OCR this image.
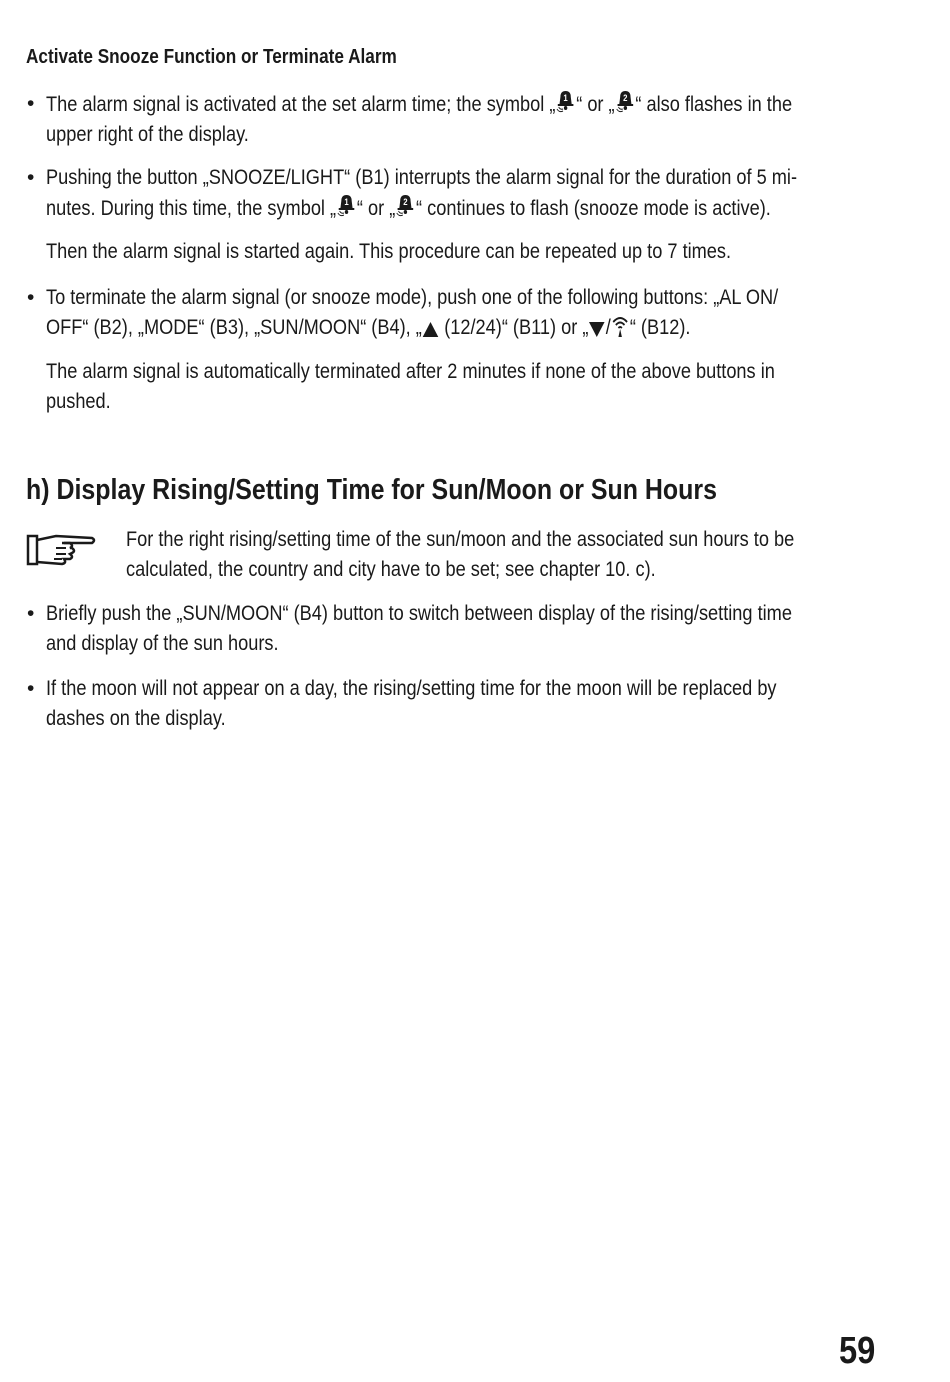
Activate Snooze Function or Terminate Alarm
• The alarm signal is activated at the set alarm time; the symbol „ 1 “ or „ 2 “ also flashes in the
upper right of the display.
• Pushing the button „SNOOZE/LIGHT“ (B1) interrupts the alarm signal for the duration of 5 mi-
nutes. During this time, the symbol „ 1 “ or „ 2 “ continues to flash (snooze mode is active).
Then the alarm signal is started again. This procedure can be repeated up to 7 times.
• To terminate the alarm signal (or snooze mode), push one of the following buttons: „AL ON/
OFF“ (B2), „MODE“ (B3), „SUN/MOON“ (B4), „ (12/24)“ (B11) or „ / “ (B12).
The alarm signal is automatically terminated after 2 minutes if none of the above buttons in
pushed.
h) Display Rising/Setting Time for Sun/Moon or Sun Hours
For the right rising/setting time of the sun/moon and the associated sun hours to be
calculated, the country and city have to be set; see chapter 10. c).
• Briefly push the „SUN/MOON“ (B4) button to switch between display of the rising/setting time
and display of the sun hours.
• If the moon will not appear on a day, the rising/setting time for the moon will be replaced by
dashes on the display.
59
